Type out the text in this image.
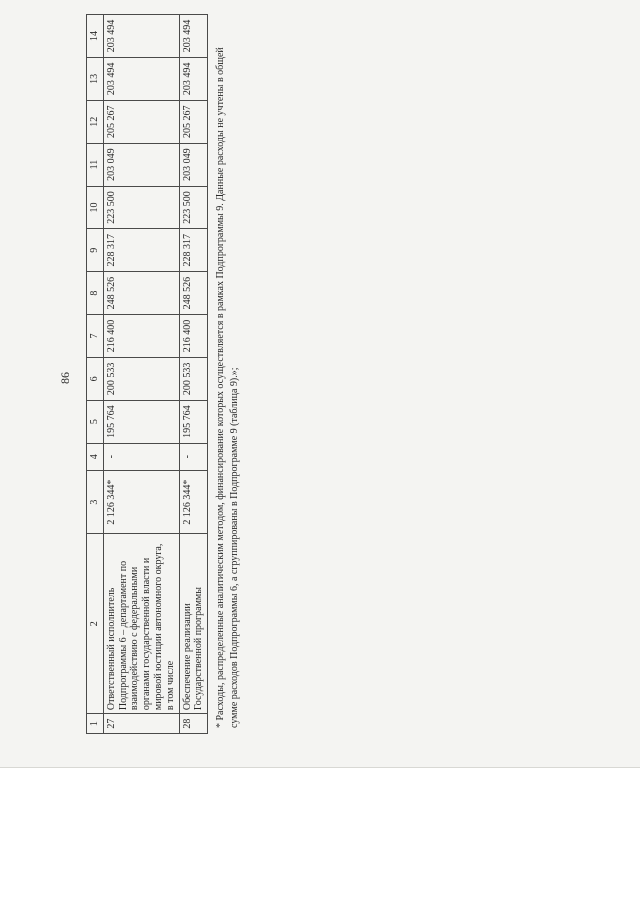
86
1	2	3	4	5	6	7	8	9	10	11	12	13	14
27	Ответственный исполнитель Подпрограммы 6 – департамент по взаимодействию с федеральными органами государственной власти и мировой юстиции автономного округа, в том числе	2 126 344*	-	195 764	200 533	216 400	248 526	228 317	223 500	203 049	205 267	203 494	203 494
28	Обеспечение реализации Государственной программы	2 126 344*	-	195 764	200 533	216 400	248 526	228 317	223 500	203 049	205 267	203 494	203 494
* Расходы, распределенные аналитическим методом, финансирование которых осуществляется в рамках Подпрограммы 9. Данные расходы не учтены в общей сумме расходов Подпрограммы 6, а сгруппированы в Подпрограмме 9 (таблица 9).»;
